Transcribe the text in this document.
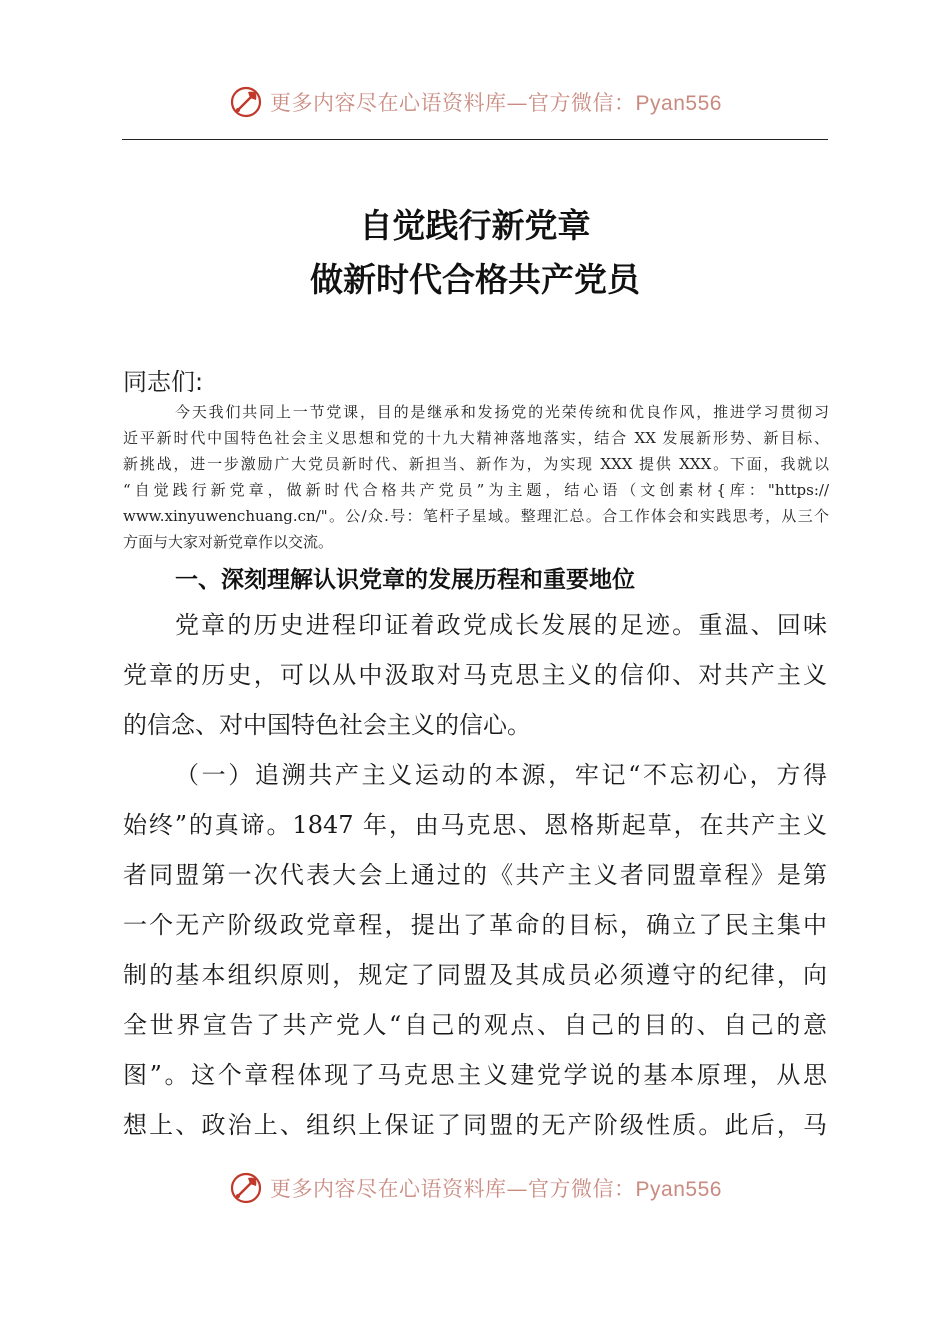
更多内容尽在心语资料库—官方微信：Pyan556
自觉践行新党章
做新时代合格共产党员
同志们:
今天我们共同上一节党课，目的是继承和发扬党的光荣传统和优良作风，推进学习贯彻习
近平新时代中国特色社会主义思想和党的十九大精神落地落实，结合 XX 发展新形势、新目标、
新挑战，进一步激励广大党员新时代、新担当、新作为，为实现 XXX 提供 XXX。下面，我就以
“自觉践行新党章，做新时代合格共产党员”为主题，结心语（文创素材{库："https://
www.xinyuwenchuang.cn/"。公/众.号：笔杆子星域。整理汇总。合工作体会和实践思考，从三个
方面与大家对新党章作以交流。
一、深刻理解认识党章的发展历程和重要地位
党章的历史进程印证着政党成长发展的足迹。重温、回味
党章的历史，可以从中汲取对马克思主义的信仰、对共产主义
的信念、对中国特色社会主义的信心。
（一）追溯共产主义运动的本源，牢记“不忘初心，方得
始终”的真谛。1847 年，由马克思、恩格斯起草，在共产主义
者同盟第一次代表大会上通过的《共产主义者同盟章程》是第
一个无产阶级政党章程，提出了革命的目标，确立了民主集中
制的基本组织原则，规定了同盟及其成员必须遵守的纪律，向
全世界宣告了共产党人“自己的观点、自己的目的、自己的意
图”。这个章程体现了马克思主义建党学说的基本原理，从思
想上、政治上、组织上保证了同盟的无产阶级性质。此后，马
更多内容尽在心语资料库—官方微信：Pyan556
